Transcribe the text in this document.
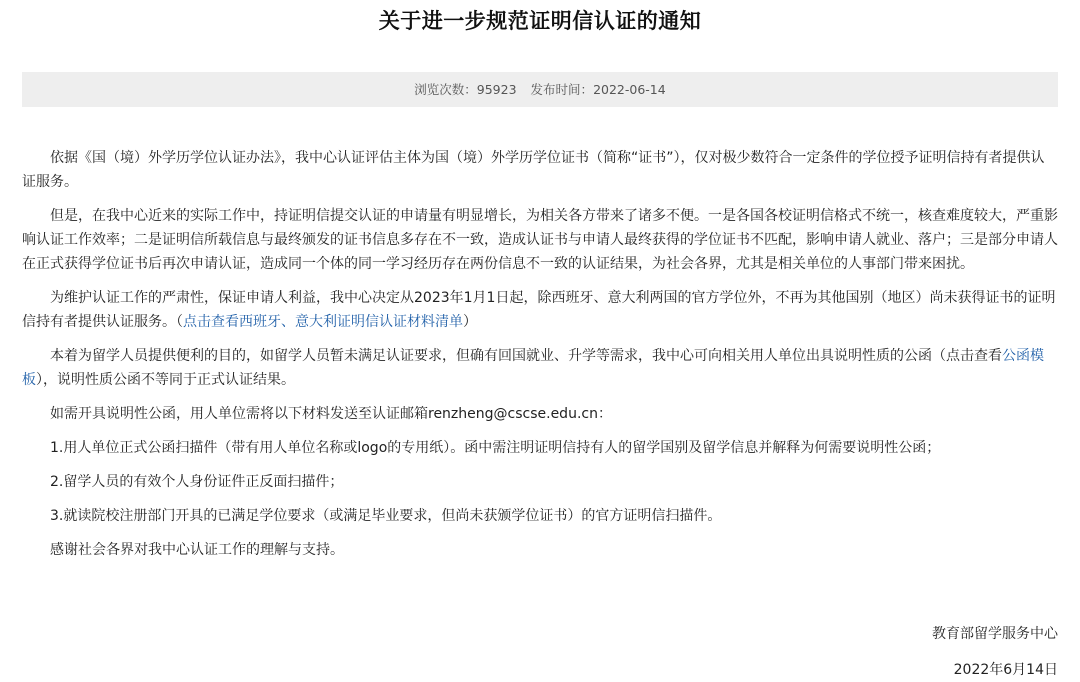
关于进一步规范证明信认证的通知
浏览次数：95923 发布时间：2022-06-14

依据《国（境）外学历学位认证办法》，我中心认证评估主体为国（境）外学历学位证书（简称“证书”），仅对极少数符合一定条件的学位授予证明信持有者提供认证服务。

但是，在我中心近来的实际工作中，持证明信提交认证的申请量有明显增长，为相关各方带来了诸多不便。一是各国各校证明信格式不统一，核查难度较大，严重影响认证工作效率；二是证明信所载信息与最终颁发的证书信息多存在不一致，造成认证书与申请人最终获得的学位证书不匹配，影响申请人就业、落户；三是部分申请人在正式获得学位证书后再次申请认证，造成同一个体的同一学习经历存在两份信息不一致的认证结果，为社会各界，尤其是相关单位的人事部门带来困扰。

为维护认证工作的严肃性，保证申请人利益，我中心决定从2023年1月1日起，除西班牙、意大利两国的官方学位外，不再为其他国别（地区）尚未获得证书的证明信持有者提供认证服务。（点击查看西班牙、意大利证明信认证材料清单）

本着为留学人员提供便利的目的，如留学人员暂未满足认证要求，但确有回国就业、升学等需求，我中心可向相关用人单位出具说明性质的公函（点击查看公函模板），说明性质公函不等同于正式认证结果。

如需开具说明性公函，用人单位需将以下材料发送至认证邮箱renzheng@cscse.edu.cn：

1.用人单位正式公函扫描件（带有用人单位名称或logo的专用纸）。函中需注明证明信持有人的留学国别及留学信息并解释为何需要说明性公函；

2.留学人员的有效个人身份证件正反面扫描件；

3.就读院校注册部门开具的已满足学位要求（或满足毕业要求，但尚未获颁学位证书）的官方证明信扫描件。

感谢社会各界对我中心认证工作的理解与支持。

教育部留学服务中心
2022年6月14日
